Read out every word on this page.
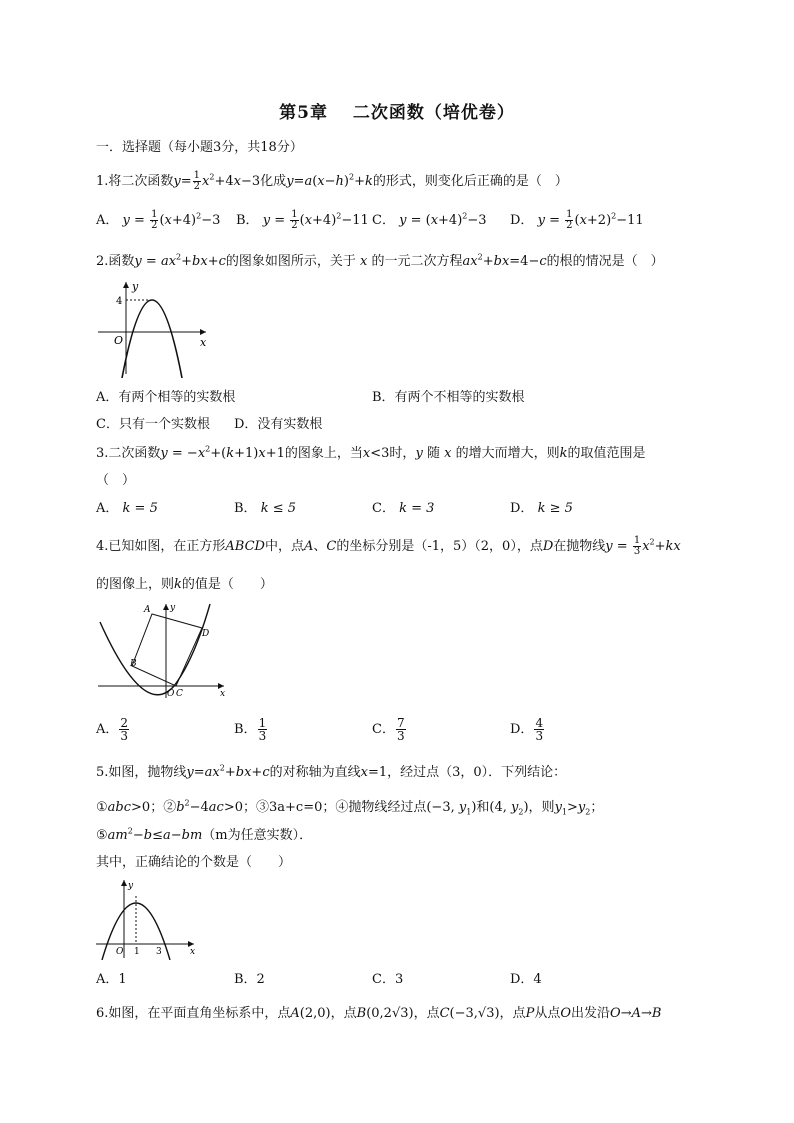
第5章　 二次函数（培优卷）
一．选择题（每小题3分，共18分）
1.将二次函数$y= \frac{1}{2} x^2+4x-3$化成$y=a(x-h)^2+k$的形式，则变化后正确的是（　）
A． $y = \frac{1}{2} (x+4)^2-3$ B． $y = \frac{1}{2} (x+4)^2-11$ C． $y = (x+4)^2-3$ D． $y = \frac{1}{2} (x+2)^2-11$
2.函数$y = ax^2+bx+c$的图象如图所示，关于 x 的一元二次方程$ax^2+bx=4-c$的根的情况是（　）
y
x
O
4
A．有两个相等的实数根	B．有两个不相等的实数根
C．只有一个实数根 D．没有实数根
3.二次函数$y = -x^2+(k+1)x+1$的图象上，当x<3时，y 随 x 的增大而增大，则k的取值范围是
（　）
A． k = 5	B． k ≤ 5	C． k = 3	D． k ≥ 5
4.已知如图，在正方形ABCD中，点A、C的坐标分别是（-1，5）（2，0），点D在抛物线$y = \frac{1}{3} x^2+kx$
的图像上，则k的值是（　　）
A
B
C
D
O	x
y
A． $\frac{2}{3}$	B． $\frac{1}{3}$	C． $\frac{7}{3}$	D． $\frac{4}{3}$
5.如图，抛物线$y=ax^2+bx+c$的对称轴为直线x=1，经过点（3，0）．下列结论：
①abc>0；$②b^2-4ac>0$；③3a+c=0；④抛物线经过点(−3, $y_1$)和(4, $y_2$)，则$y_1>y_2$；
$⑤am^2-b\le a-bm(m$为任意实数）．
其中，正确结论的个数是（　　）
y
x
O 1 3
A．1	B．2	C．3	D．4
6.如图，在平面直角坐标系中，点A(2,0)，点B(0,2√3)，点C(−3,√3)，点P从点O出发沿O→A→B
